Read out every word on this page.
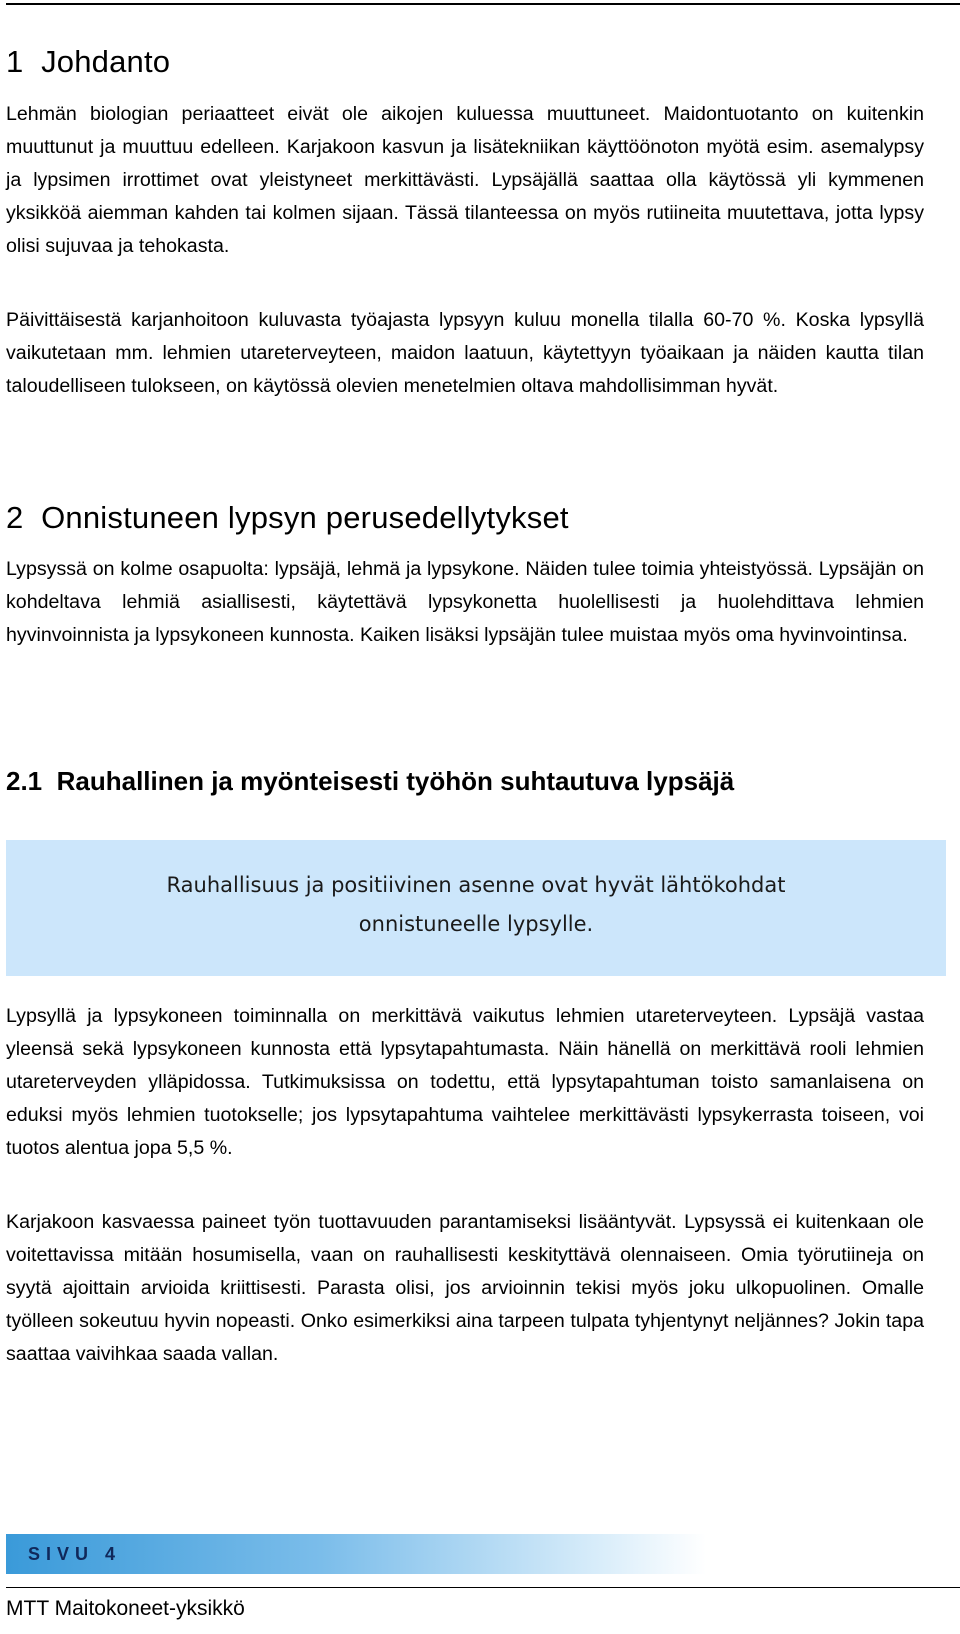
1 Johdanto

Lehmän biologian periaatteet eivät ole aikojen kuluessa muuttuneet. Maidontuotanto on kuitenkin muuttunut ja muuttuu edelleen. Karjakoon kasvun ja lisätekniikan käyttöönoton myötä esim. asemalypsy ja lypsimen irrottimet ovat yleistyneet merkittävästi. Lypsäjällä saattaa olla käytössä yli kymmenen yksikköä aiemman kahden tai kolmen sijaan. Tässä tilanteessa on myös rutiineita muutettava, jotta lypsy olisi sujuvaa ja tehokasta.

Päivittäisestä karjanhoitoon kuluvasta työajasta lypsyyn kuluu monella tilalla 60-70 %. Koska lypsyllä vaikutetaan mm. lehmien utareterveyteen, maidon laatuun, käytettyyn työaikaan ja näiden kautta tilan taloudelliseen tulokseen, on käytössä olevien menetelmien oltava mahdollisimman hyvät.

2 Onnistuneen lypsyn perusedellytykset

Lypsyssä on kolme osapuolta: lypsäjä, lehmä ja lypsykone. Näiden tulee toimia yhteistyössä. Lypsäjän on kohdeltava lehmiä asiallisesti, käytettävä lypsykonetta huolellisesti ja huolehdittava lehmien hyvinvoinnista ja lypsykoneen kunnosta. Kaiken lisäksi lypsäjän tulee muistaa myös oma hyvinvointinsa.

2.1 Rauhallinen ja myönteisesti työhön suhtautuva lypsäjä
Rauhallisuus ja positiivinen asenne ovat hyvät lähtökohdat
onnistuneelle lypsylle.

Lypsyllä ja lypsykoneen toiminnalla on merkittävä vaikutus lehmien utareterveyteen. Lypsäjä vastaa yleensä sekä lypsykoneen kunnosta että lypsytapahtumasta. Näin hänellä on merkittävä rooli lehmien utareterveyden ylläpidossa. Tutkimuksissa on todettu, että lypsytapahtuman toisto samanlaisena on eduksi myös lehmien tuotokselle; jos lypsytapahtuma vaihtelee merkittävästi lypsykerrasta toiseen, voi tuotos alentua jopa 5,5 %.

Karjakoon kasvaessa paineet työn tuottavuuden parantamiseksi lisääntyvät. Lypsyssä ei kuitenkaan ole voitettavissa mitään hosumisella, vaan on rauhallisesti keskityttävä olennaiseen. Omia työrutiineja on syytä ajoittain arvioida kriittisesti. Parasta olisi, jos arvioinnin tekisi myös joku ulkopuolinen. Omalle työlleen sokeutuu hyvin nopeasti. Onko esimerkiksi aina tarpeen tulpata tyhjentynyt neljännes? Jokin tapa saattaa vaivihkaa saada vallan.

SIVU 4
MTT Maitokoneet-yksikkö
